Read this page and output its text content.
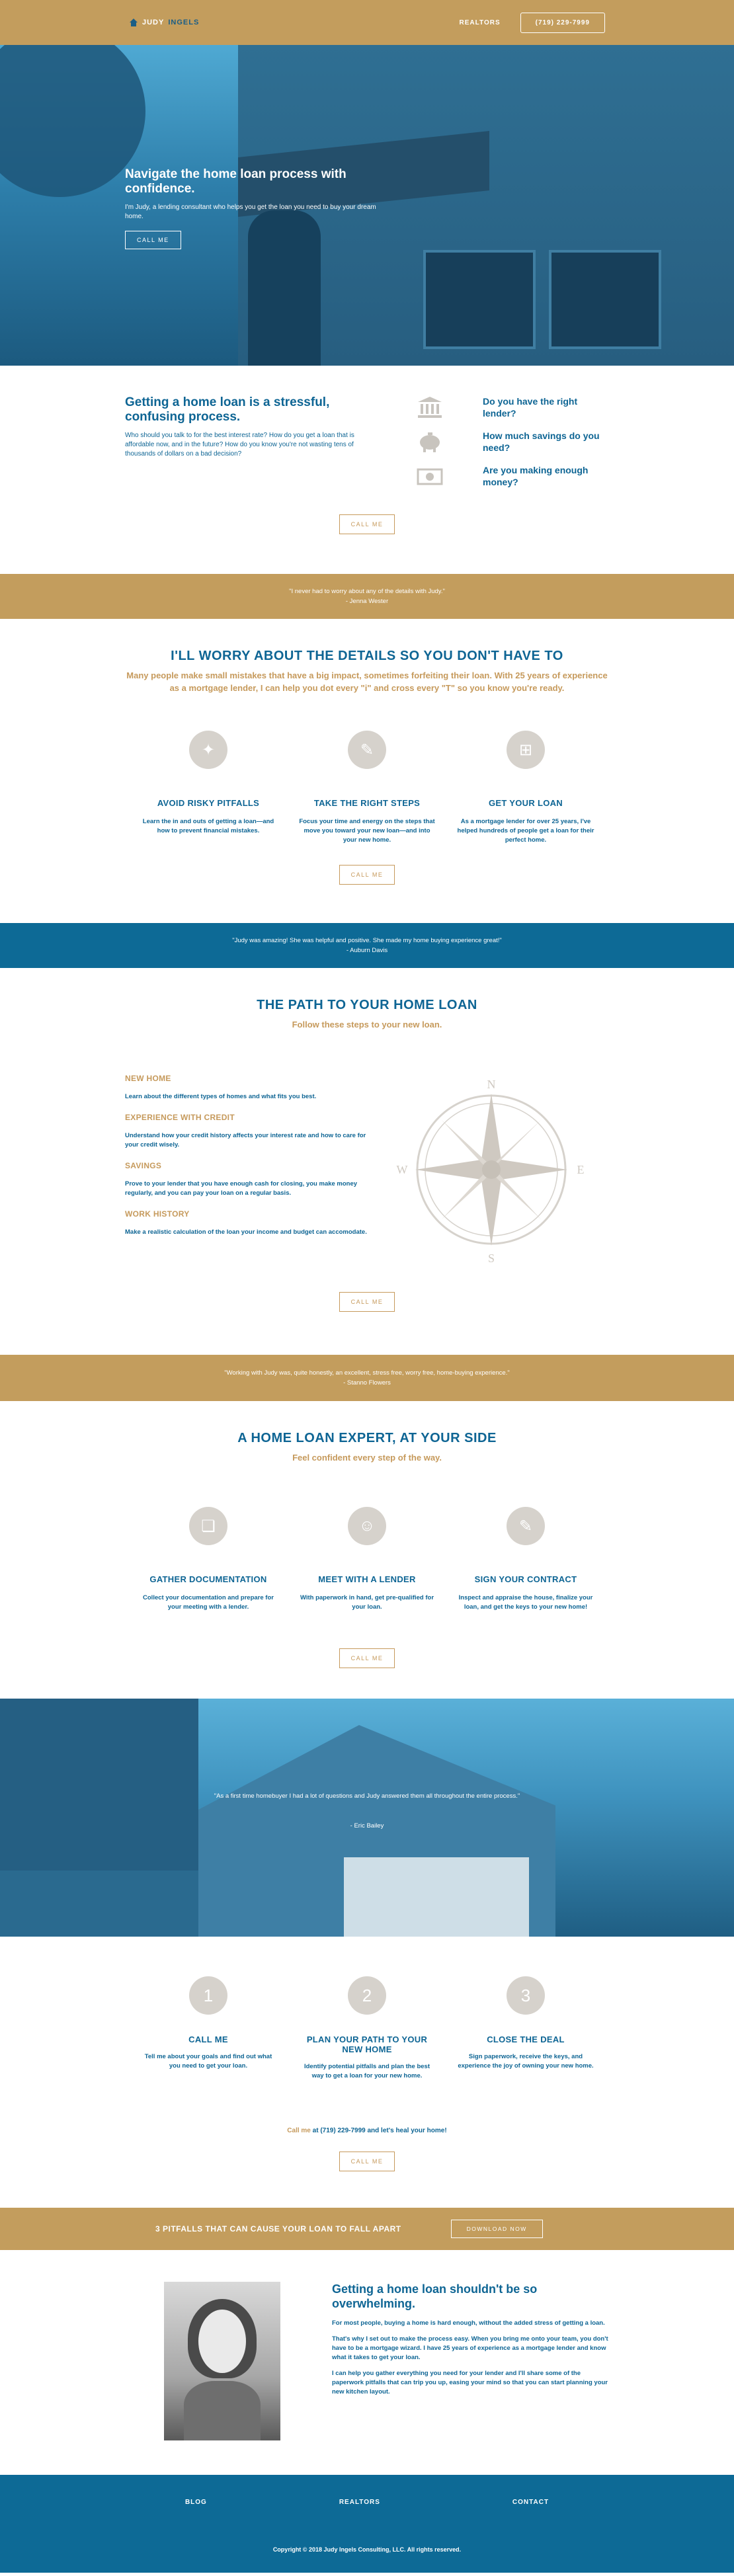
JUDY INGELS	REALTORS	(719) 229-7999
Navigate the home loan process with confidence.

I'm Judy, a lending consultant who helps you get the loan you need to buy your dream home.

CALL ME
Getting a home loan is a stressful, confusing process.

Who should you talk to for the best interest rate? How do you get a loan that is affordable now, and in the future? How do you know you're not wasting tens of thousands of dollars on a bad decision?

Do you have the right lender?
How much savings do you need?
Are you making enough money?
CALL ME
"I never had to worry about any of the details with Judy."
- Jenna Wester
I'LL WORRY ABOUT THE DETAILS SO YOU DON'T HAVE TO
Many people make small mistakes that have a big impact, sometimes forfeiting their loan. With 25 years of experience as a mortgage lender, I can help you dot every "i" and cross every "T" so you know you're ready.
✦
AVOID RISKY PITFALLS
Learn the in and outs of getting a loan—and how to prevent financial mistakes.
✎
TAKE THE RIGHT STEPS
Focus your time and energy on the steps that move you toward your new loan—and into your new home.
⊞
GET YOUR LOAN
As a mortgage lender for over 25 years, I've helped hundreds of people get a loan for their perfect home.
CALL ME
"Judy was amazing! She was helpful and positive. She made my home buying experience great!"
- Auburn Davis
THE PATH TO YOUR HOME LOAN
Follow these steps to your new loan.
NEW HOME
Learn about the different types of homes and what fits you best.
EXPERIENCE WITH CREDIT
Understand how your credit history affects your interest rate and how to care for your credit wisely.
SAVINGS
Prove to your lender that you have enough cash for closing, you make money regularly, and you can pay your loan on a regular basis.
WORK HISTORY
Make a realistic calculation of the loan your income and budget can accomodate.
N
S
W	E
CALL ME
"Working with Judy was, quite honestly, an excellent, stress free, worry free, home-buying experience."
- Stanno Flowers
A HOME LOAN EXPERT, AT YOUR SIDE
Feel confident every step of the way.
❏
GATHER DOCUMENTATION
Collect your documentation and prepare for your meeting with a lender.
☺
MEET WITH A LENDER
With paperwork in hand, get pre-qualified for your loan.
✎
SIGN YOUR CONTRACT
Inspect and appraise the house, finalize your loan, and get the keys to your new home!
CALL ME
"As a first time homebuyer I had a lot of questions and Judy answered them all throughout the entire process."
- Eric Bailey
1
CALL ME
Tell me about your goals and find out what you need to get your loan.
2
PLAN YOUR PATH TO YOUR NEW HOME
Identify potential pitfalls and plan the best way to get a loan for your new home.
3
CLOSE THE DEAL
Sign paperwork, receive the keys, and experience the joy of owning your new home.
Call me at (719) 229-7999 and let's heal your home!
CALL ME
3 PITFALLS THAT CAN CAUSE YOUR LOAN TO FALL APART	DOWNLOAD NOW
Getting a home loan shouldn't be so overwhelming.

For most people, buying a home is hard enough, without the added stress of getting a loan.

That's why I set out to make the process easy. When you bring me onto your team, you don't have to be a mortgage wizard. I have 25 years of experience as a mortgage lender and know what it takes to get your loan.

I can help you gather everything you need for your lender and I'll share some of the paperwork pitfalls that can trip you up, easing your mind so that you can start planning your new kitchen layout.

BLOG	REALTORS	CONTACT
Copyright © 2018 Judy Ingels Consulting, LLC. All rights reserved.
